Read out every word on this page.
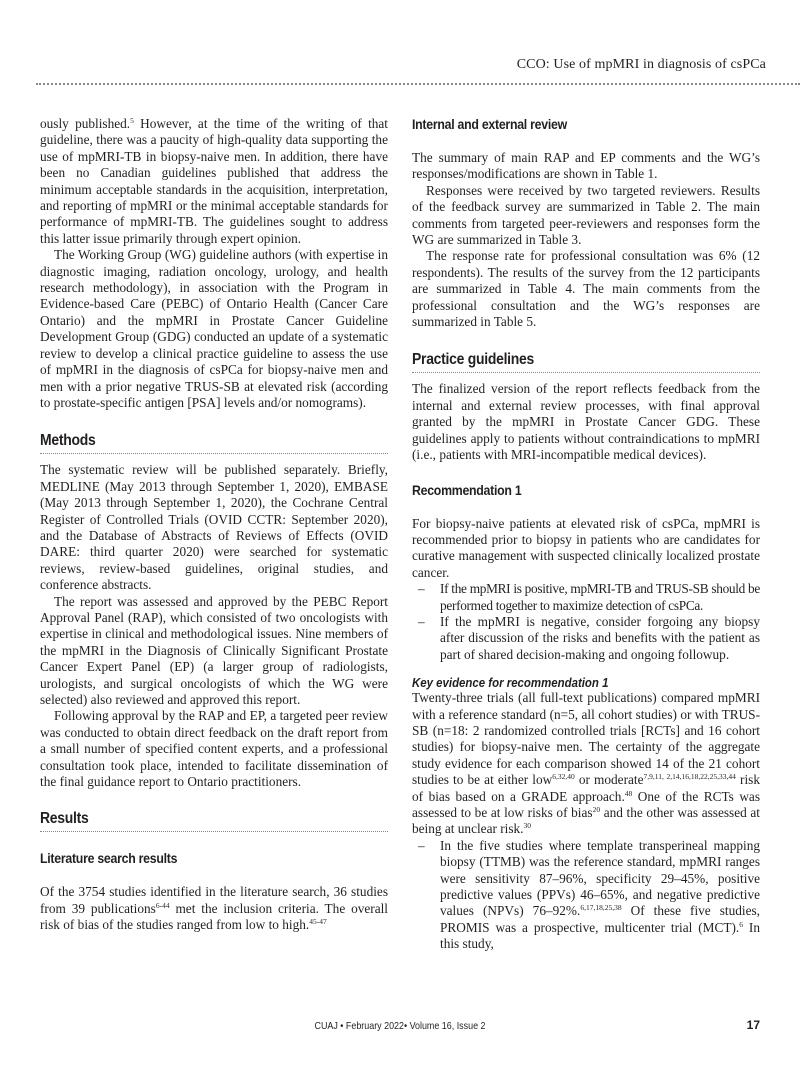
CCO: Use of mpMRI in diagnosis of csPCa

ously published.$^5$ However, at the time of the writing of that guideline, there was a paucity of high-quality data supporting the use of mpMRI-TB in biopsy-naive men. In addition, there have been no Canadian guidelines published that address the minimum acceptable standards in the acquisition, interpretation, and reporting of mpMRI or the minimal acceptable standards for performance of mpMRI-TB. The guidelines sought to address this latter issue primarily through expert opinion.

The Working Group (WG) guideline authors (with expertise in diagnostic imaging, radiation oncology, urology, and health research methodology), in association with the Program in Evidence-based Care (PEBC) of Ontario Health (Cancer Care Ontario) and the mpMRI in Prostate Cancer Guideline Development Group (GDG) conducted an update of a systematic review to develop a clinical practice guideline to assess the use of mpMRI in the diagnosis of csPCa for biopsy-naive men and men with a prior negative TRUS-SB at elevated risk (according to prostate-specific antigen [PSA] levels and/or nomograms).

Methods

The systematic review will be published separately. Briefly, MEDLINE (May 2013 through September 1, 2020), EMBASE (May 2013 through September 1, 2020), the Cochrane Central Register of Controlled Trials (OVID CCTR: September 2020), and the Database of Abstracts of Reviews of Effects (OVID DARE: third quarter 2020) were searched for systematic reviews, review-based guidelines, original studies, and conference abstracts.

The report was assessed and approved by the PEBC Report Approval Panel (RAP), which consisted of two oncologists with expertise in clinical and methodological issues. Nine members of the mpMRI in the Diagnosis of Clinically Significant Prostate Cancer Expert Panel (EP) (a larger group of radiologists, urologists, and surgical oncologists of which the WG were selected) also reviewed and approved this report.

Following approval by the RAP and EP, a targeted peer review was conducted to obtain direct feedback on the draft report from a small number of specified content experts, and a professional consultation took place, intended to facilitate dissemination of the final guidance report to Ontario practitioners.

Results
Literature search results

Of the 3754 studies identified in the literature search, 36 studies from 39 publications$^{6-44}$ met the inclusion criteria. The overall risk of bias of the studies ranged from low to high.$^{45-47}$

Internal and external review

The summary of main RAP and EP comments and the WG’s responses/modifications are shown in Table 1.

Responses were received by two targeted reviewers. Results of the feedback survey are summarized in Table 2. The main comments from targeted peer-reviewers and responses form the WG are summarized in Table 3.

The response rate for professional consultation was 6% (12 respondents). The results of the survey from the 12 participants are summarized in Table 4. The main comments from the professional consultation and the WG’s responses are summarized in Table 5.

Practice guidelines

The finalized version of the report reflects feedback from the internal and external review processes, with final approval granted by the mpMRI in Prostate Cancer GDG. These guidelines apply to patients without contraindications to mpMRI (i.e., patients with MRI-incompatible medical devices).

Recommendation 1

For biopsy-naive patients at elevated risk of csPCa, mpMRI is recommended prior to biopsy in patients who are candidates for curative management with suspected clinically localized prostate cancer.

–	If the mpMRI is positive, mpMRI-TB and TRUS-SB should be performed together to maximize detection of csPCa.

–	If the mpMRI is negative, consider forgoing any biopsy after discussion of the risks and benefits with the patient as part of shared decision-making and ongoing followup.

Key evidence for recommendation 1

Twenty-three trials (all full-text publications) compared mpMRI with a reference standard (n=5, all cohort studies) or with TRUS-SB (n=18: 2 randomized controlled trials [RCTs] and 16 cohort studies) for biopsy-naive men. The certainty of the aggregate study evidence for each comparison showed 14 of the 21 cohort studies to be at either low$^{6,32,40}$ or moderate$^{7,9,11, 2,14,16,18,22,25,33,44}$ risk of bias based on a GRADE approach.$^{48}$ One of the RCTs was assessed to be at low risks of bias$^{20}$ and the other was assessed at being at unclear risk.$^{30}$

–	In the five studies where template transperineal mapping biopsy (TTMB) was the reference standard, mpMRI ranges were sensitivity 87–96%, specificity 29–45%, positive predictive values (PPVs) 46–65%, and negative predictive values (NPVs) 76–92%.$^{6,17,18,25,38}$ Of these five studies, PROMIS was a prospective, multicenter trial (MCT).$^6$ In this study,

CUAJ • February 2022• Volume 16, Issue 2	17
